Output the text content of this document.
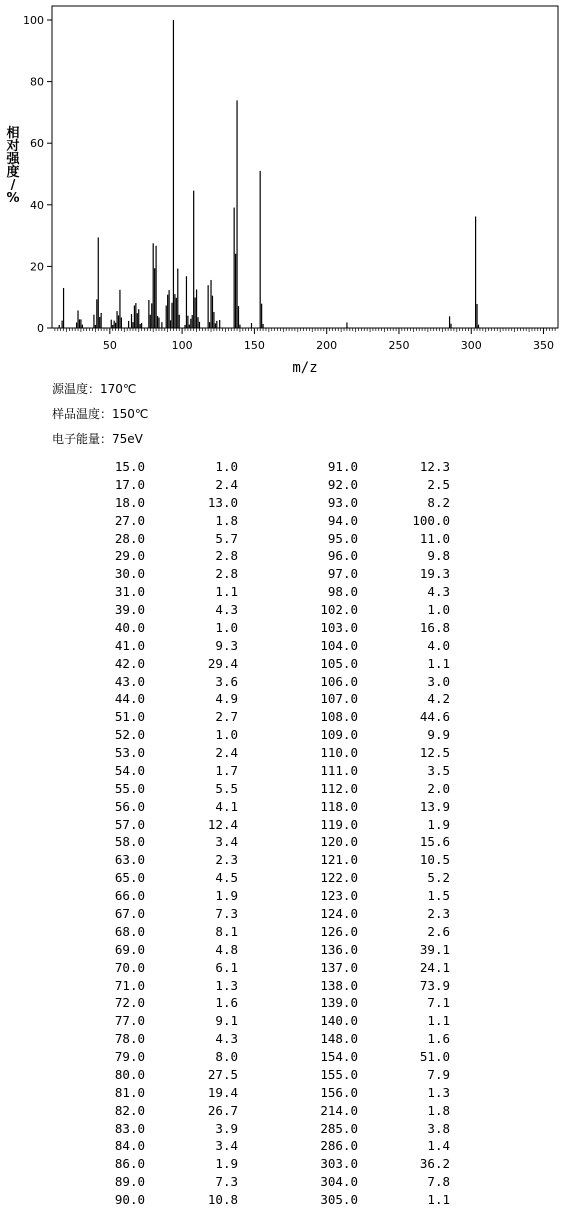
0
20
40
60
80
100
50	100	150	200	250	300	350
m/z
相
对
强
度
/
%
源温度：170℃
样品温度：150℃
电子能量：75eV
15.0	1.0	91.0	12.3
17.0	2.4	92.0	2.5
18.0	13.0	93.0	8.2
27.0	1.8	94.0	100.0
28.0	5.7	95.0	11.0
29.0	2.8	96.0	9.8
30.0	2.8	97.0	19.3
31.0	1.1	98.0	4.3
39.0	4.3	102.0	1.0
40.0	1.0	103.0	16.8
41.0	9.3	104.0	4.0
42.0	29.4	105.0	1.1
43.0	3.6	106.0	3.0
44.0	4.9	107.0	4.2
51.0	2.7	108.0	44.6
52.0	1.0	109.0	9.9
53.0	2.4	110.0	12.5
54.0	1.7	111.0	3.5
55.0	5.5	112.0	2.0
56.0	4.1	118.0	13.9
57.0	12.4	119.0	1.9
58.0	3.4	120.0	15.6
63.0	2.3	121.0	10.5
65.0	4.5	122.0	5.2
66.0	1.9	123.0	1.5
67.0	7.3	124.0	2.3
68.0	8.1	126.0	2.6
69.0	4.8	136.0	39.1
70.0	6.1	137.0	24.1
71.0	1.3	138.0	73.9
72.0	1.6	139.0	7.1
77.0	9.1	140.0	1.1
78.0	4.3	148.0	1.6
79.0	8.0	154.0	51.0
80.0	27.5	155.0	7.9
81.0	19.4	156.0	1.3
82.0	26.7	214.0	1.8
83.0	3.9	285.0	3.8
84.0	3.4	286.0	1.4
86.0	1.9	303.0	36.2
89.0	7.3	304.0	7.8
90.0	10.8	305.0	1.1
